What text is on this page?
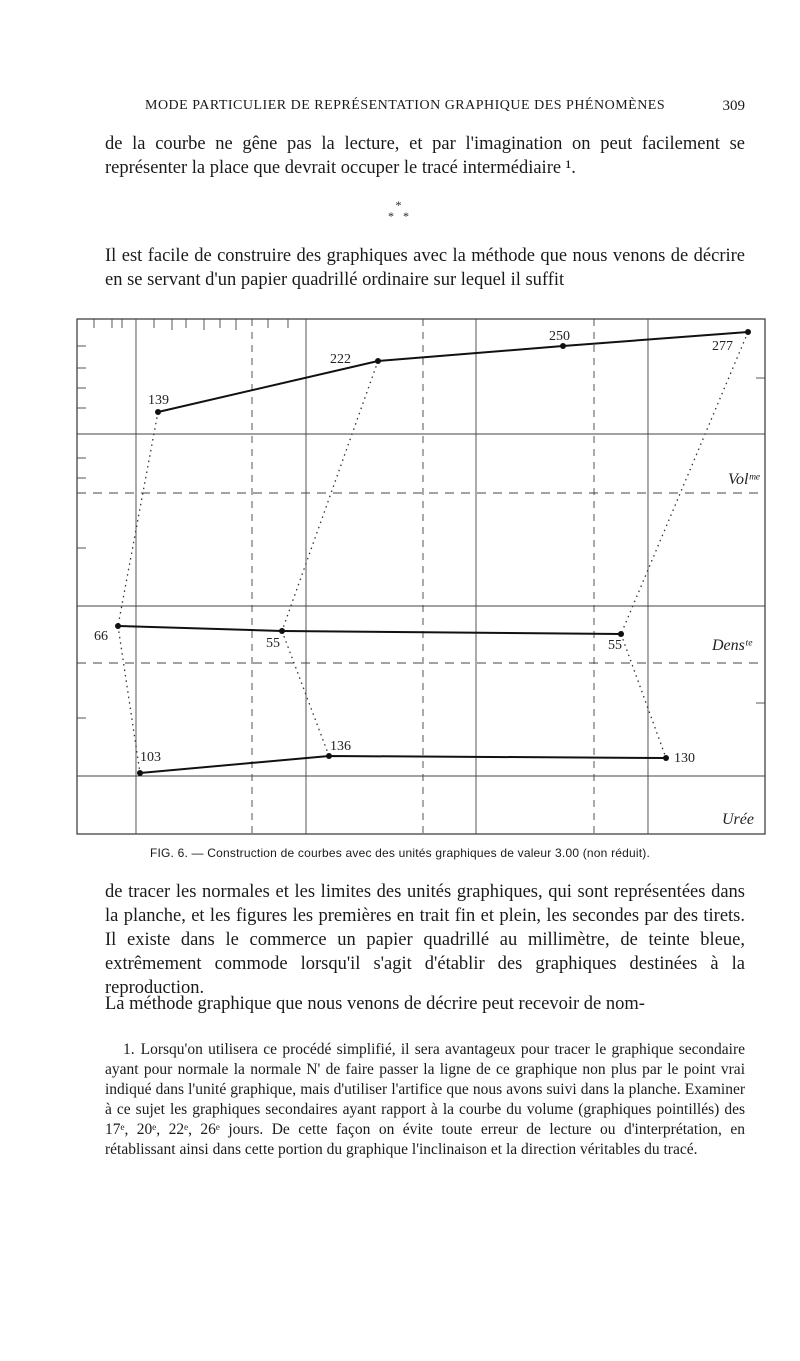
MODE PARTICULIER DE REPRÉSENTATION GRAPHIQUE DES PHÉNOMÈNES	309
de la courbe ne gêne pas la lecture, et par l'imagination on peut facilement se représenter la place que devrait occuper le tracé intermédiaire ¹.
*
* *
Il est facile de construire des graphiques avec la méthode que nous venons de décrire en se servant d'un papier quadrillé ordinaire sur lequel il suffit
139
222
250
277
Volᵐᵉ
66	55	55	Densᵗᵉ
103
136
130
Urée
FIG. 6. — Construction de courbes avec des unités graphiques de valeur 3.00 (non réduit).
de tracer les normales et les limites des unités graphiques, qui sont représentées dans la planche, et les figures les premières en trait fin et plein, les secondes par des tirets. Il existe dans le commerce un papier quadrillé au millimètre, de teinte bleue, extrêmement commode lorsqu'il s'agit d'établir des graphiques destinées à la reproduction.
La méthode graphique que nous venons de décrire peut recevoir de nom-
1. Lorsqu'on utilisera ce procédé simplifié, il sera avantageux pour tracer le graphique secondaire ayant pour normale la normale N' de faire passer la ligne de ce graphique non plus par le point vrai indiqué dans l'unité graphique, mais d'utiliser l'artifice que nous avons suivi dans la planche. Examiner à ce sujet les graphiques secondaires ayant rapport à la courbe du volume (graphiques pointillés) des 17ᵉ, 20ᵉ, 22ᵉ, 26ᵉ jours. De cette façon on évite toute erreur de lecture ou d'interprétation, en rétablissant ainsi dans cette portion du graphique l'inclinaison et la direction véritables du tracé.
